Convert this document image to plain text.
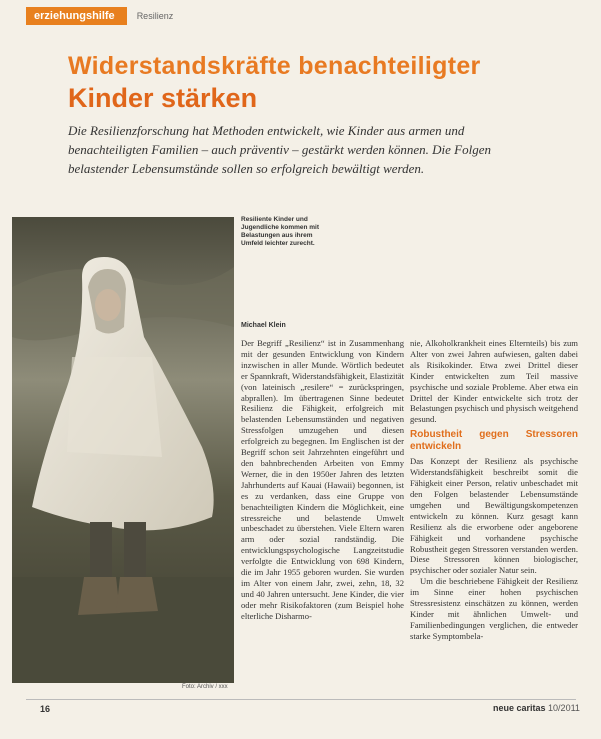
erziehungshilfe	Resilienz
Widerstandskräfte benachteiligter
Kinder stärken
Die Resilienzforschung hat Methoden entwickelt, wie Kinder aus armen und benachteiligten Familien – auch präventiv – gestärkt werden können. Die Folgen belastender Lebensumstände sollen so erfolgreich bewältigt werden.
Foto: Archiv / xxx
Resiliente Kinder und Jugendliche kommen mit Belastungen aus ihrem Umfeld leichter zurecht.
Michael Klein

Der Begriff „Resilienz“ ist in Zusammenhang mit der gesunden Entwicklung von Kindern inzwischen in aller Munde. Wörtlich bedeutet er Spannkraft, Widerstandsfähigkeit, Elastizität (von lateinisch „resilere“ = zurückspringen, abprallen). Im übertragenen Sinne bedeutet Resilienz die Fähigkeit, erfolgreich mit belastenden Lebensumständen und negativen Stressfolgen umzugehen und diesen erfolgreich zu begegnen. Im Englischen ist der Begriff schon seit Jahrzehnten eingeführt und den bahnbrechenden Arbeiten von Emmy Werner, die in den 1950er Jahren des letzten Jahrhunderts auf Kauai (Hawaii) begonnen, ist es zu verdanken, dass eine Gruppe von benachteiligten Kindern die Möglichkeit, eine stressreiche und belastende Umwelt unbeschadet zu überstehen. Viele Eltern waren arm oder sozial randständig. Die entwicklungspsychologische Langzeitstudie verfolgte die Entwicklung von 698 Kindern, die im Jahr 1955 geboren wurden. Sie wurden im Alter von einem Jahr, zwei, zehn, 18, 32 und 40 Jahren untersucht. Jene Kinder, die vier oder mehr Risikofaktoren (zum Beispiel hohe elterliche Disharmo-

nie, Alkoholkrankheit eines Elternteils) bis zum Alter von zwei Jahren aufwiesen, galten dabei als Risikokinder. Etwa zwei Drittel dieser Kinder entwickelten zum Teil massive psychische und soziale Probleme. Aber etwa ein Drittel der Kinder entwickelte sich trotz der Belastungen psychisch und physisch weitgehend gesund.

Robustheit gegen Stressoren entwickeln

Das Konzept der Resilienz als psychische Widerstandsfähigkeit beschreibt somit die Fähigkeit einer Person, relativ unbeschadet mit den Folgen belastender Lebensumstände umgehen und Bewältigungskompetenzen entwickeln zu können. Kurz gesagt kann Resilienz als die erworbene oder angeborene Fähigkeit und vorhandene psychische Robustheit gegen Stressoren verstanden werden. Diese Stressoren können biologischer, psychischer oder sozialer Natur sein.

Um die beschriebene Fähigkeit der Resilienz im Sinne einer hohen psychischen Stressresistenz einschätzen zu können, werden Kinder mit ähnlichen Umwelt- und Familienbedingungen verglichen, die entweder starke Symptombela-

16	neue caritas 10/2011
